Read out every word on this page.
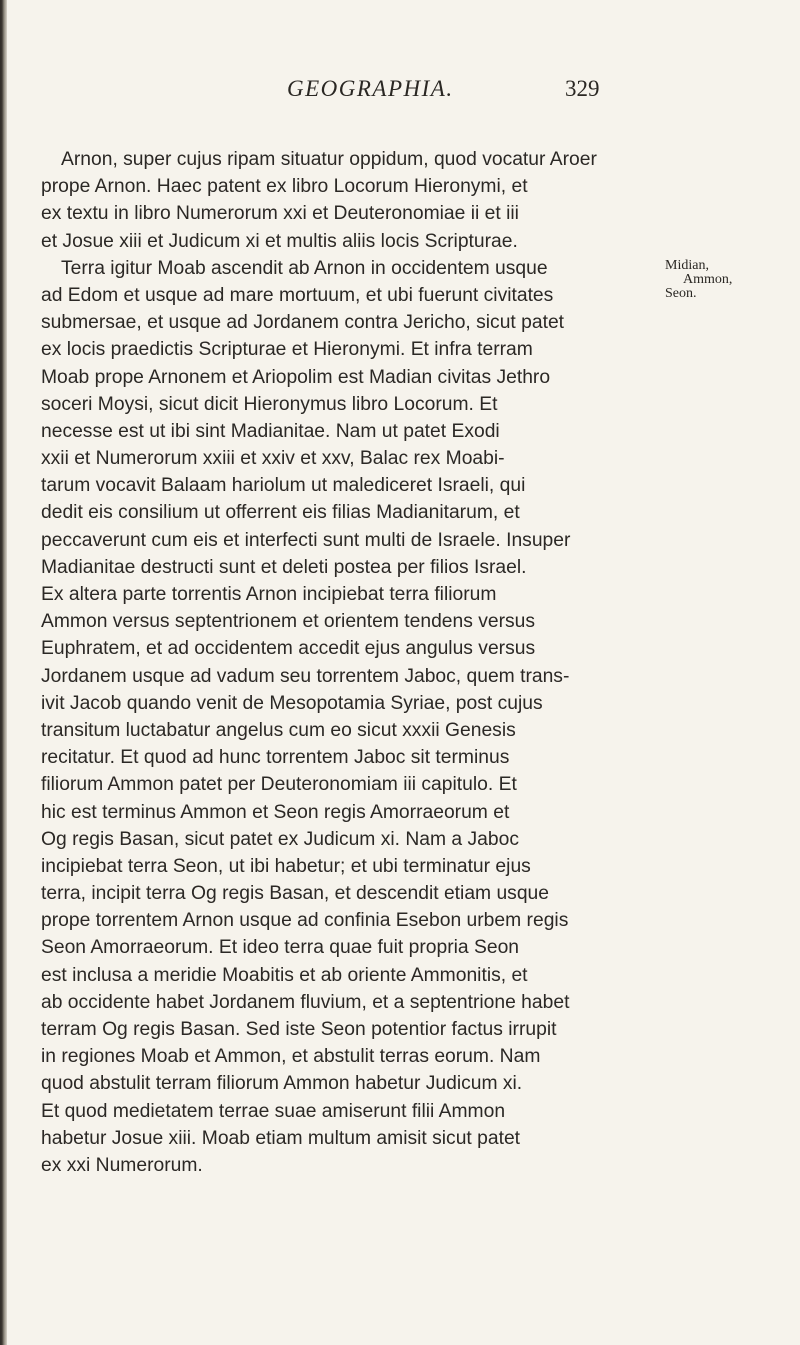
GEOGRAPHIA.	329
Arnon, super cujus ripam situatur oppidum, quod vocatur Aroer
prope Arnon. Haec patent ex libro Locorum Hieronymi, et
ex textu in libro Numerorum xxi et Deuteronomiae ii et iii
et Josue xiii et Judicum xi et multis aliis locis Scripturae.
Terra igitur Moab ascendit ab Arnon in occidentem usque
ad Edom et usque ad mare mortuum, et ubi fuerunt civitates
submersae, et usque ad Jordanem contra Jericho, sicut patet
ex locis praedictis Scripturae et Hieronymi. Et infra terram
Moab prope Arnonem et Ariopolim est Madian civitas Jethro
soceri Moysi, sicut dicit Hieronymus libro Locorum. Et
necesse est ut ibi sint Madianitae. Nam ut patet Exodi
xxii et Numerorum xxiii et xxiv et xxv, Balac rex Moabi-
tarum vocavit Balaam hariolum ut malediceret Israeli, qui
dedit eis consilium ut offerrent eis filias Madianitarum, et
peccaverunt cum eis et interfecti sunt multi de Israele. Insuper
Madianitae destructi sunt et deleti postea per filios Israel.
Ex altera parte torrentis Arnon incipiebat terra filiorum
Ammon versus septentrionem et orientem tendens versus
Euphratem, et ad occidentem accedit ejus angulus versus
Jordanem usque ad vadum seu torrentem Jaboc, quem trans-
ivit Jacob quando venit de Mesopotamia Syriae, post cujus
transitum luctabatur angelus cum eo sicut xxxii Genesis
recitatur. Et quod ad hunc torrentem Jaboc sit terminus
filiorum Ammon patet per Deuteronomiam iii capitulo. Et
hic est terminus Ammon et Seon regis Amorraeorum et
Og regis Basan, sicut patet ex Judicum xi. Nam a Jaboc
incipiebat terra Seon, ut ibi habetur; et ubi terminatur ejus
terra, incipit terra Og regis Basan, et descendit etiam usque
prope torrentem Arnon usque ad confinia Esebon urbem regis
Seon Amorraeorum. Et ideo terra quae fuit propria Seon
est inclusa a meridie Moabitis et ab oriente Ammonitis, et
ab occidente habet Jordanem fluvium, et a septentrione habet
terram Og regis Basan. Sed iste Seon potentior factus irrupit
in regiones Moab et Ammon, et abstulit terras eorum. Nam
quod abstulit terram filiorum Ammon habetur Judicum xi.
Et quod medietatem terrae suae amiserunt filii Ammon
habetur Josue xiii. Moab etiam multum amisit sicut patet
ex xxi Numerorum.
Midian,
Ammon,
Seon.
